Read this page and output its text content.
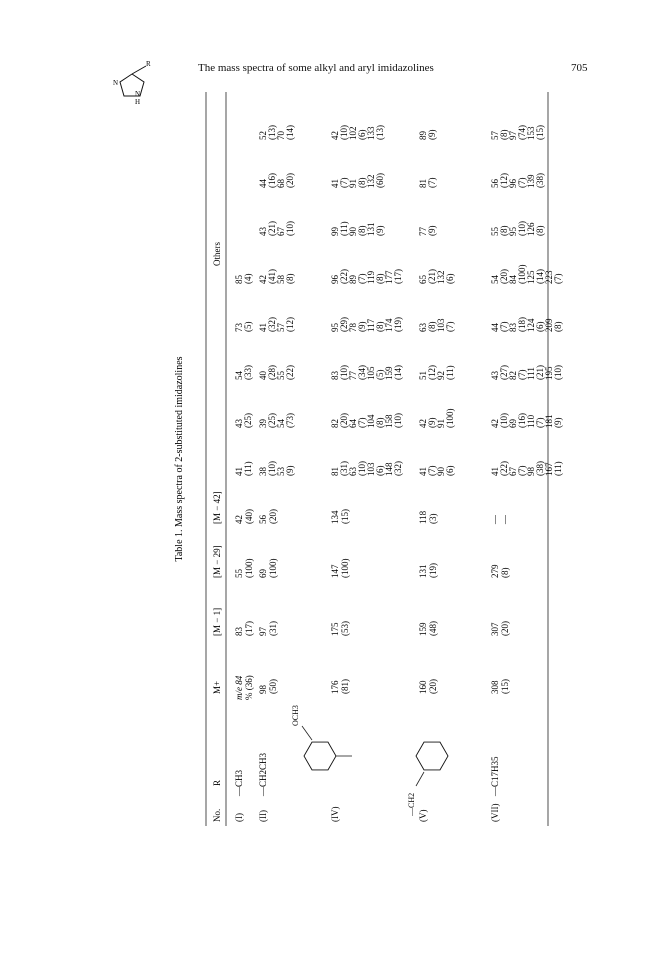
The mass spectra of some alkyl and aryl imidazolines	705
Table 1. Mass spectra of 2-substituted imidazolines
No.
R
M+
[M − 1]
[M − 29]
[M − 42]
Others
(I)
—CH3
m/e 84 % (36)
83 (17)
55 (100)
42 (40)
41 (11)
43 (25)
54 (33)
73 (5)
85 (4)
(II)
—CH2CH3
98 (50)
97 (31)
69 (100)
56 (20)
38 (10)
39 (25)
40 (28)
41 (32)
42 (41)
43 (21)
44 (16)
52 (13)
53 (9)
54 (73)
55 (22)
57 (12)
58 (8)
67 (10)
68 (20)
70 (14)
(IV)
176 (81)
175 (53)
147 (100)
134 (15)
81 (31)
82 (20)
83 (10)
95 (29)
96 (22)
99 (11)
41 (7)
42 (10)
63 (10)
64 (7)
77 (34)
78 (9)
89 (7)
90 (8)
91 (8)
102 (6)
103 (6)
104 (8)
105 (5)
117 (8)
119 (8)
131 (9)
132 (60)
133 (13)
148 (32)
158 (10)
159 (14)
174 (19)
177 (17)
(V)
160 (20)
159 (48)
131 (19)
118 (3)
41 (7)
42 (9)
51 (12)
63 (8)
65 (21)
77 (9)
81 (7)
89 (9)
90 (6)
91 (100)
92 (11)
103 (7)
132 (6)
(VII)
—C17H35
308 (15)
307 (20)
279 (8)
— —
41 (22)
42 (10)
43 (27)
44 (7)
54 (20)
55 (8)
56 (12)
57 (8)
67 (7)
69 (16)
82 (7)
83 (18)
84 (100)
95 (10)
96 (7)
97 (74)
98 (38)
110 (7)
111 (21)
124 (6)
125 (14)
126 (8)
139 (38)
153 (15)
167 (11)
181 (9)
195 (10)
209 (8)
223 (7)
OCH3
—CH2
R
N
N
H
